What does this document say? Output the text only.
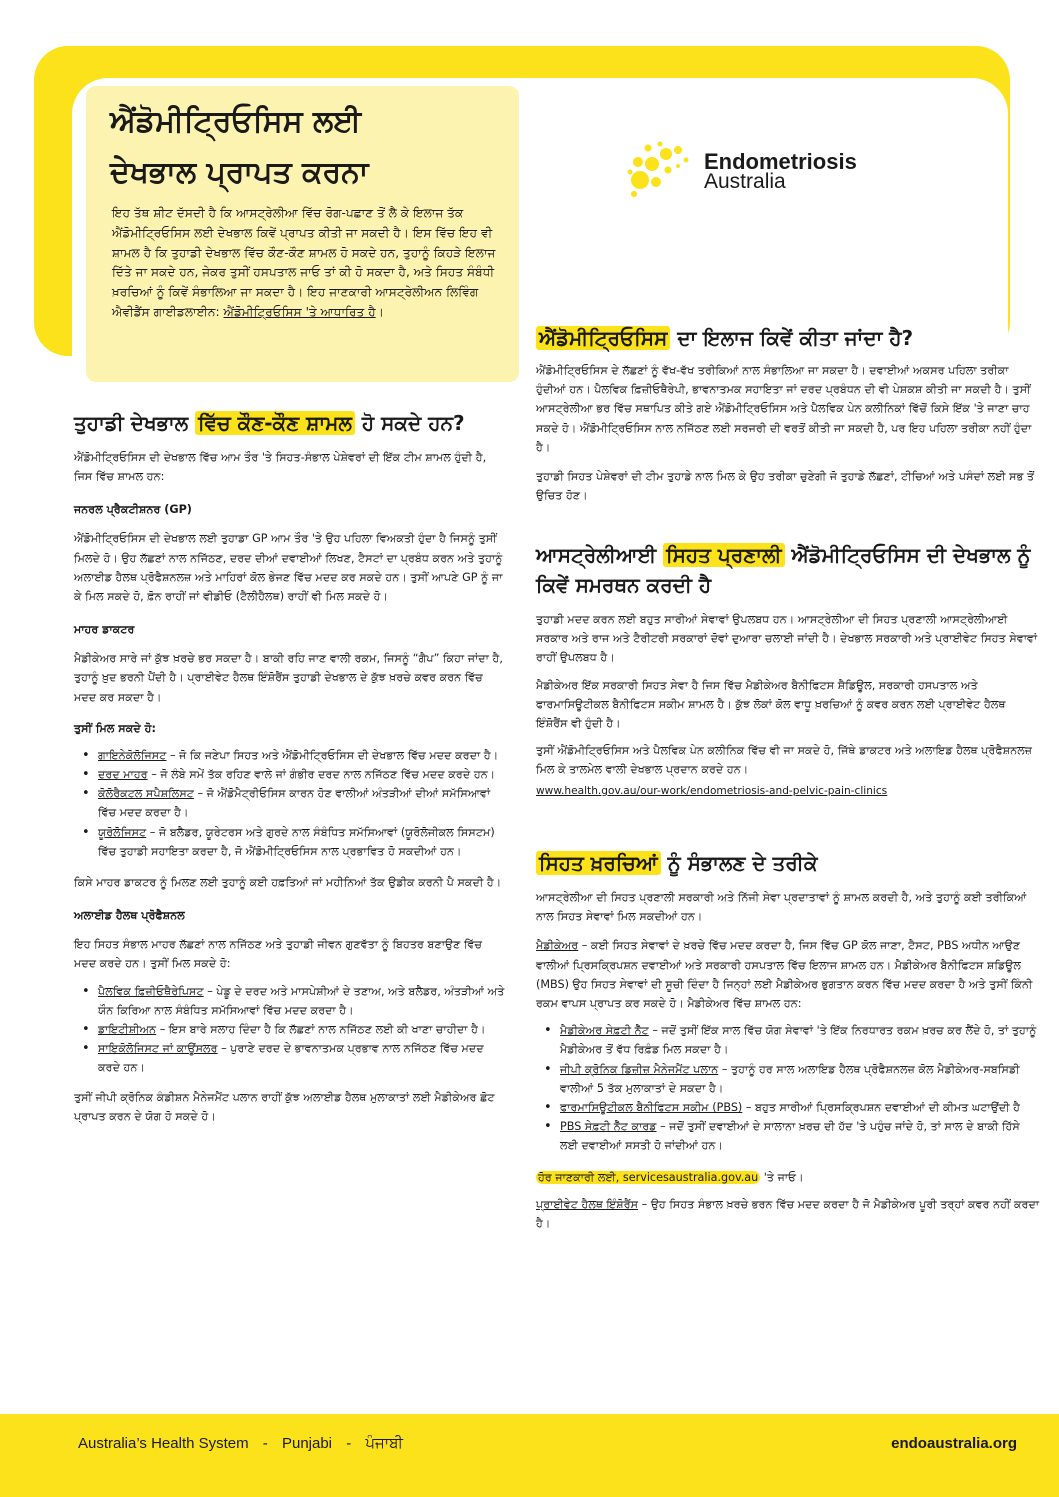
ਐਂਡੋਮੀਟ੍ਰਿਓਸਿਸ ਲਈ
ਦੇਖਭਾਲ ਪ੍ਰਾਪਤ ਕਰਨਾ

ਇਹ ਤੱਥ ਸ਼ੀਟ ਦੱਸਦੀ ਹੈ ਕਿ ਆਸਟ੍ਰੇਲੀਆ ਵਿੱਚ ਰੋਗ-ਪਛਾਣ ਤੋਂ ਲੈ ਕੇ ਇਲਾਜ ਤੱਕ ਐਂਡੋਮੀਟ੍ਰਿਓਸਿਸ ਲਈ ਦੇਖਭਾਲ ਕਿਵੇਂ ਪ੍ਰਾਪਤ ਕੀਤੀ ਜਾ ਸਕਦੀ ਹੈ। ਇਸ ਵਿੱਚ ਇਹ ਵੀ ਸ਼ਾਮਲ ਹੈ ਕਿ ਤੁਹਾਡੀ ਦੇਖਭਾਲ ਵਿੱਚ ਕੌਣ-ਕੌਣ ਸ਼ਾਮਲ ਹੋ ਸਕਦੇ ਹਨ, ਤੁਹਾਨੂੰ ਕਿਹੜੇ ਇਲਾਜ ਦਿੱਤੇ ਜਾ ਸਕਦੇ ਹਨ, ਜੇਕਰ ਤੁਸੀਂ ਹਸਪਤਾਲ ਜਾਓ ਤਾਂ ਕੀ ਹੋ ਸਕਦਾ ਹੈ, ਅਤੇ ਸਿਹਤ ਸੰਬੰਧੀ ਖ਼ਰਚਿਆਂ ਨੂੰ ਕਿਵੇਂ ਸੰਭਾਲਿਆ ਜਾ ਸਕਦਾ ਹੈ। ਇਹ ਜਾਣਕਾਰੀ ਆਸਟ੍ਰੇਲੀਅਨ ਲਿਵਿੰਗ ਐਵੀਡੈਂਸ ਗਾਈਡਲਾਈਨ: ਐਂਡੋਮੀਟ੍ਰਿਓਸਿਸ 'ਤੇ ਆਧਾਰਿਤ ਹੈ।

Endometriosis
Australia
ਤੁਹਾਡੀ ਦੇਖਭਾਲ ਵਿੱਚ ਕੌਣ-ਕੌਣ ਸ਼ਾਮਲ ਹੋ ਸਕਦੇ ਹਨ?

ਐਂਡੋਮੀਟ੍ਰਿਓਸਿਸ ਦੀ ਦੇਖਭਾਲ ਵਿੱਚ ਆਮ ਤੌਰ 'ਤੇ ਸਿਹਤ-ਸੰਭਾਲ ਪੇਸ਼ੇਵਰਾਂ ਦੀ ਇੱਕ ਟੀਮ ਸ਼ਾਮਲ ਹੁੰਦੀ ਹੈ, ਜਿਸ ਵਿੱਚ ਸ਼ਾਮਲ ਹਨ:

ਜਨਰਲ ਪ੍ਰੈਕਟੀਸ਼ਨਰ (GP)

ਐਂਡੋਮੀਟ੍ਰਿਓਸਿਸ ਦੀ ਦੇਖਭਾਲ ਲਈ ਤੁਹਾਡਾ GP ਆਮ ਤੌਰ 'ਤੇ ਉਹ ਪਹਿਲਾ ਵਿਅਕਤੀ ਹੁੰਦਾ ਹੈ ਜਿਸਨੂੰ ਤੁਸੀਂ ਮਿਲਦੇ ਹੋ। ਉਹ ਲੱਛਣਾਂ ਨਾਲ ਨਜਿੱਠਣ, ਦਰਦ ਦੀਆਂ ਦਵਾਈਆਂ ਲਿਖਣ, ਟੈਸਟਾਂ ਦਾ ਪ੍ਰਬੰਧ ਕਰਨ ਅਤੇ ਤੁਹਾਨੂੰ ਅਲਾਈਡ ਹੈਲਥ ਪ੍ਰੋਫੈਸ਼ਨਲਜ਼ ਅਤੇ ਮਾਹਿਰਾਂ ਕੋਲ ਭੇਜਣ ਵਿੱਚ ਮਦਦ ਕਰ ਸਕਦੇ ਹਨ। ਤੁਸੀਂ ਆਪਣੇ GP ਨੂੰ ਜਾ ਕੇ ਮਿਲ ਸਕਦੇ ਹੋ, ਫ਼ੋਨ ਰਾਹੀਂ ਜਾਂ ਵੀਡੀਓ (ਟੈਲੀਹੈਲਥ) ਰਾਹੀਂ ਵੀ ਮਿਲ ਸਕਦੇ ਹੋ।

ਮਾਹਰ ਡਾਕਟਰ

ਮੈਡੀਕੇਅਰ ਸਾਰੇ ਜਾਂ ਕੁੱਝ ਖ਼ਰਚੇ ਭਰ ਸਕਦਾ ਹੈ। ਬਾਕੀ ਰਹਿ ਜਾਣ ਵਾਲੀ ਰਕਮ, ਜਿਸਨੂੰ “ਗੈਪ” ਕਿਹਾ ਜਾਂਦਾ ਹੈ, ਤੁਹਾਨੂੰ ਖ਼ੁਦ ਭਰਨੀ ਪੈਂਦੀ ਹੈ। ਪ੍ਰਾਈਵੇਟ ਹੈਲਥ ਇੰਸ਼ੋਰੈਂਸ ਤੁਹਾਡੀ ਦੇਖਭਾਲ ਦੇ ਕੁੱਝ ਖ਼ਰਚੇ ਕਵਰ ਕਰਨ ਵਿੱਚ ਮਦਦ ਕਰ ਸਕਦਾ ਹੈ।

ਤੁਸੀਂ ਮਿਲ ਸਕਦੇ ਹੋ:

• ਗਾਇਨੇਕੋਲੋਜਿਸਟ – ਜੋ ਕਿ ਜਣੇਪਾ ਸਿਹਤ ਅਤੇ ਐਂਡੋਮੀਟ੍ਰਿਓਸਿਸ ਦੀ ਦੇਖਭਾਲ ਵਿੱਚ ਮਦਦ ਕਰਦਾ ਹੈ।
• ਦਰਦ ਮਾਹਰ – ਜੋ ਲੰਬੇ ਸਮੇਂ ਤੱਕ ਰਹਿਣ ਵਾਲੇ ਜਾਂ ਗੰਭੀਰ ਦਰਦ ਨਾਲ ਨਜਿੱਠਣ ਵਿੱਚ ਮਦਦ ਕਰਦੇ ਹਨ।
• ਕੋਲੋਰੈਕਟਲ ਸਪੈਸ਼ਲਿਸਟ – ਜੋ ਐਂਡੋਮੈਟ੍ਰੀਓਸਿਸ ਕਾਰਨ ਹੋਣ ਵਾਲੀਆਂ ਅੰਤੜੀਆਂ ਦੀਆਂ ਸਮੱਸਿਆਵਾਂ ਵਿੱਚ ਮਦਦ ਕਰਦਾ ਹੈ।
• ਯੂਰੋਲੋਜਿਸਟ – ਜੋ ਬਲੈਡਰ, ਯੂਰੇਟਰਸ ਅਤੇ ਗੁਰਦੇ ਨਾਲ ਸੰਬੰਧਿਤ ਸਮੱਸਿਆਵਾਂ (ਯੂਰੋਲੋਜੀਕਲ ਸਿਸਟਮ) ਵਿੱਚ ਤੁਹਾਡੀ ਸਹਾਇਤਾ ਕਰਦਾ ਹੈ, ਜੋ ਐਂਡੋਮੀਟ੍ਰਿਓਸਿਸ ਨਾਲ ਪ੍ਰਭਾਵਿਤ ਹੋ ਸਕਦੀਆਂ ਹਨ।

ਕਿਸੇ ਮਾਹਰ ਡਾਕਟਰ ਨੂੰ ਮਿਲਣ ਲਈ ਤੁਹਾਨੂੰ ਕਈ ਹਫ਼ਤਿਆਂ ਜਾਂ ਮਹੀਨਿਆਂ ਤੱਕ ਉਡੀਕ ਕਰਨੀ ਪੈ ਸਕਦੀ ਹੈ।

ਅਲਾਈਡ ਹੈਲਥ ਪ੍ਰੋਫੈਸ਼ਨਲ

ਇਹ ਸਿਹਤ ਸੰਭਾਲ ਮਾਹਰ ਲੱਛਣਾਂ ਨਾਲ ਨਜਿੱਠਣ ਅਤੇ ਤੁਹਾਡੀ ਜੀਵਨ ਗੁਣਵੱਤਾ ਨੂੰ ਬਿਹਤਰ ਬਣਾਉਣ ਵਿੱਚ ਮਦਦ ਕਰਦੇ ਹਨ। ਤੁਸੀਂ ਮਿਲ ਸਕਦੇ ਹੋ:

• ਪੈਲਵਿਕ ਫ਼ਿਜ਼ੀਓਥੈਰੇਪਿਸਟ – ਪੇਡੂ ਦੇ ਦਰਦ ਅਤੇ ਮਾਸਪੇਸ਼ੀਆਂ ਦੇ ਤਣਾਅ, ਅਤੇ ਬਲੈਡਰ, ਅੰਤੜੀਆਂ ਅਤੇ ਯੌਨ ਕਿਰਿਆ ਨਾਲ ਸੰਬੰਧਿਤ ਸਮੱਸਿਆਵਾਂ ਵਿੱਚ ਮਦਦ ਕਰਦਾ ਹੈ।
• ਡਾਇਟੀਸ਼ੀਅਨ – ਇਸ ਬਾਰੇ ਸਲਾਹ ਦਿੰਦਾ ਹੈ ਕਿ ਲੱਛਣਾਂ ਨਾਲ ਨਜਿੱਠਣ ਲਈ ਕੀ ਖਾਣਾ ਚਾਹੀਦਾ ਹੈ।
• ਸਾਇਕੋਲੋਜਿਸਟ ਜਾਂ ਕਾਊਂਸਲਰ – ਪੁਰਾਣੇ ਦਰਦ ਦੇ ਭਾਵਨਾਤਮਕ ਪ੍ਰਭਾਵ ਨਾਲ ਨਜਿੱਠਣ ਵਿੱਚ ਮਦਦ ਕਰਦੇ ਹਨ।

ਤੁਸੀਂ ਜੀਪੀ ਕ੍ਰੋਨਿਕ ਕੰਡੀਸ਼ਨ ਮੈਨੇਜਮੈਂਟ ਪਲਾਨ ਰਾਹੀਂ ਕੁੱਝ ਅਲਾਈਡ ਹੈਲਥ ਮੁਲਾਕਾਤਾਂ ਲਈ ਮੈਡੀਕੇਅਰ ਛੋਟ ਪ੍ਰਾਪਤ ਕਰਨ ਦੇ ਯੋਗ ਹੋ ਸਕਦੇ ਹੋ।

ਐਂਡੋਮੀਟ੍ਰਿਓਸਿਸ ਦਾ ਇਲਾਜ ਕਿਵੇਂ ਕੀਤਾ ਜਾਂਦਾ ਹੈ?

ਐਂਡੋਮੀਟ੍ਰਿਓਸਿਸ ਦੇ ਲੱਛਣਾਂ ਨੂੰ ਵੱਖ-ਵੱਖ ਤਰੀਕਿਆਂ ਨਾਲ ਸੰਭਾਲਿਆ ਜਾ ਸਕਦਾ ਹੈ। ਦਵਾਈਆਂ ਅਕਸਰ ਪਹਿਲਾ ਤਰੀਕਾ ਹੁੰਦੀਆਂ ਹਨ। ਪੈਲਵਿਕ ਫ਼ਿਜ਼ੀਓਥੈਰੇਪੀ, ਭਾਵਨਾਤਮਕ ਸਹਾਇਤਾ ਜਾਂ ਦਰਦ ਪ੍ਰਬੰਧਨ ਦੀ ਵੀ ਪੇਸ਼ਕਸ਼ ਕੀਤੀ ਜਾ ਸਕਦੀ ਹੈ। ਤੁਸੀਂ ਆਸਟ੍ਰੇਲੀਆ ਭਰ ਵਿੱਚ ਸਥਾਪਿਤ ਕੀਤੇ ਗਏ ਐਂਡੋਮੀਟ੍ਰਿਓਸਿਸ ਅਤੇ ਪੈਲਵਿਕ ਪੇਨ ਕਲੀਨਿਕਾਂ ਵਿੱਚੋਂ ਕਿਸੇ ਇੱਕ 'ਤੇ ਜਾਣਾ ਚਾਹ ਸਕਦੇ ਹੋ। ਐਂਡੋਮੀਟ੍ਰਿਓਸਿਸ ਨਾਲ ਨਜਿੱਠਣ ਲਈ ਸਰਜਰੀ ਦੀ ਵਰਤੋਂ ਕੀਤੀ ਜਾ ਸਕਦੀ ਹੈ, ਪਰ ਇਹ ਪਹਿਲਾ ਤਰੀਕਾ ਨਹੀਂ ਹੁੰਦਾ ਹੈ।

ਤੁਹਾਡੀ ਸਿਹਤ ਪੇਸ਼ੇਵਰਾਂ ਦੀ ਟੀਮ ਤੁਹਾਡੇ ਨਾਲ ਮਿਲ ਕੇ ਉਹ ਤਰੀਕਾ ਚੁਣੇਗੀ ਜੋ ਤੁਹਾਡੇ ਲੱਛਣਾਂ, ਟੀਚਿਆਂ ਅਤੇ ਪਸੰਦਾਂ ਲਈ ਸਭ ਤੋਂ ਉਚਿਤ ਹੋਣ।

ਆਸਟ੍ਰੇਲੀਆਈ ਸਿਹਤ ਪ੍ਰਣਾਲੀ ਐਂਡੋਮੀਟ੍ਰਿਓਸਿਸ ਦੀ ਦੇਖਭਾਲ ਨੂੰ ਕਿਵੇਂ ਸਮਰਥਨ ਕਰਦੀ ਹੈ

ਤੁਹਾਡੀ ਮਦਦ ਕਰਨ ਲਈ ਬਹੁਤ ਸਾਰੀਆਂ ਸੇਵਾਵਾਂ ਉਪਲਬਧ ਹਨ। ਆਸਟ੍ਰੇਲੀਆ ਦੀ ਸਿਹਤ ਪ੍ਰਣਾਲੀ ਆਸਟ੍ਰੇਲੀਆਈ ਸਰਕਾਰ ਅਤੇ ਰਾਜ ਅਤੇ ਟੈਰੀਟਰੀ ਸਰਕਾਰਾਂ ਦੋਵਾਂ ਦੁਆਰਾ ਚਲਾਈ ਜਾਂਦੀ ਹੈ। ਦੇਖਭਾਲ ਸਰਕਾਰੀ ਅਤੇ ਪ੍ਰਾਈਵੇਟ ਸਿਹਤ ਸੇਵਾਵਾਂ ਰਾਹੀਂ ਉਪਲਬਧ ਹੈ।

ਮੈਡੀਕੇਅਰ ਇੱਕ ਸਰਕਾਰੀ ਸਿਹਤ ਸੇਵਾ ਹੈ ਜਿਸ ਵਿੱਚ ਮੈਡੀਕੇਅਰ ਬੈਨੀਫਿਟਸ ਸ਼ੈਡਿਊਲ, ਸਰਕਾਰੀ ਹਸਪਤਾਲ ਅਤੇ ਫਾਰਮਾਸਿਊਟੀਕਲ ਬੈਨੀਫਿਟਸ ਸਕੀਮ ਸ਼ਾਮਲ ਹੈ। ਕੁੱਝ ਲੋਕਾਂ ਕੋਲ ਵਾਧੂ ਖ਼ਰਚਿਆਂ ਨੂੰ ਕਵਰ ਕਰਨ ਲਈ ਪ੍ਰਾਈਵੇਟ ਹੈਲਥ ਇੰਸ਼ੋਰੈਂਸ ਵੀ ਹੁੰਦੀ ਹੈ।

ਤੁਸੀਂ ਐਂਡੋਮੀਟ੍ਰਿਓਸਿਸ ਅਤੇ ਪੈਲਵਿਕ ਪੇਨ ਕਲੀਨਿਕ ਵਿੱਚ ਵੀ ਜਾ ਸਕਦੇ ਹੋ, ਜਿੱਥੇ ਡਾਕਟਰ ਅਤੇ ਅਲਾਇਡ ਹੈਲਥ ਪ੍ਰੋਫੈਸ਼ਨਲਜ਼ ਮਿਲ ਕੇ ਤਾਲਮੇਲ ਵਾਲੀ ਦੇਖਭਾਲ ਪ੍ਰਦਾਨ ਕਰਦੇ ਹਨ।

www.health.gov.au/our-work/endometriosis-and-pelvic-pain-clinics

ਸਿਹਤ ਖ਼ਰਚਿਆਂ ਨੂੰ ਸੰਭਾਲਣ ਦੇ ਤਰੀਕੇ

ਆਸਟ੍ਰੇਲੀਆ ਦੀ ਸਿਹਤ ਪ੍ਰਣਾਲੀ ਸਰਕਾਰੀ ਅਤੇ ਨਿੱਜੀ ਸੇਵਾ ਪ੍ਰਦਾਤਾਵਾਂ ਨੂੰ ਸ਼ਾਮਲ ਕਰਦੀ ਹੈ, ਅਤੇ ਤੁਹਾਨੂੰ ਕਈ ਤਰੀਕਿਆਂ ਨਾਲ ਸਿਹਤ ਸੇਵਾਵਾਂ ਮਿਲ ਸਕਦੀਆਂ ਹਨ।

ਮੈਡੀਕੇਅਰ – ਕਈ ਸਿਹਤ ਸੇਵਾਵਾਂ ਦੇ ਖ਼ਰਚੇ ਵਿੱਚ ਮਦਦ ਕਰਦਾ ਹੈ, ਜਿਸ ਵਿੱਚ GP ਕੋਲ ਜਾਣਾ, ਟੈਸਟ, PBS ਅਧੀਨ ਆਉਣ ਵਾਲੀਆਂ ਪ੍ਰਿਸਕ੍ਰਿਪਸ਼ਨ ਦਵਾਈਆਂ ਅਤੇ ਸਰਕਾਰੀ ਹਸਪਤਾਲ ਵਿੱਚ ਇਲਾਜ ਸ਼ਾਮਲ ਹਨ। ਮੈਡੀਕੇਅਰ ਬੈਨੀਫਿਟਸ ਸ਼ਡਿਊਲ (MBS) ਉਹ ਸਿਹਤ ਸੇਵਾਵਾਂ ਦੀ ਸੂਚੀ ਦਿੰਦਾ ਹੈ ਜਿਨ੍ਹਾਂ ਲਈ ਮੈਡੀਕੇਅਰ ਭੁਗਤਾਨ ਕਰਨ ਵਿੱਚ ਮਦਦ ਕਰਦਾ ਹੈ ਅਤੇ ਤੁਸੀਂ ਕਿੰਨੀ ਰਕਮ ਵਾਪਸ ਪ੍ਰਾਪਤ ਕਰ ਸਕਦੇ ਹੋ। ਮੈਡੀਕੇਅਰ ਵਿੱਚ ਸ਼ਾਮਲ ਹਨ:

• ਮੈਡੀਕੇਅਰ ਸੇਫ਼ਟੀ ਨੈੱਟ – ਜਦੋਂ ਤੁਸੀਂ ਇੱਕ ਸਾਲ ਵਿੱਚ ਯੋਗ ਸੇਵਾਵਾਂ 'ਤੇ ਇੱਕ ਨਿਰਧਾਰਤ ਰਕਮ ਖ਼ਰਚ ਕਰ ਲੈਂਦੇ ਹੋ, ਤਾਂ ਤੁਹਾਨੂੰ ਮੈਡੀਕੇਅਰ ਤੋਂ ਵੱਧ ਰਿਫ਼ੰਡ ਮਿਲ ਸਕਦਾ ਹੈ।
• ਜੀਪੀ ਕ੍ਰੋਨਿਕ ਡਿਜ਼ੀਜ਼ ਮੈਨੇਜਮੈਂਟ ਪਲਾਨ – ਤੁਹਾਨੂੰ ਹਰ ਸਾਲ ਅਲਾਇਡ ਹੈਲਥ ਪ੍ਰੋਫੈਸ਼ਨਲਜ਼ ਕੋਲ ਮੈਡੀਕੇਅਰ-ਸਬਸਿਡੀ ਵਾਲੀਆਂ 5 ਤੱਕ ਮੁਲਾਕਾਤਾਂ ਦੇ ਸਕਦਾ ਹੈ।
• ਫਾਰਮਾਸਿਊਟੀਕਲ ਬੈਨੀਫਿਟਸ ਸਕੀਮ (PBS) – ਬਹੁਤ ਸਾਰੀਆਂ ਪ੍ਰਿਸਕ੍ਰਿਪਸ਼ਨ ਦਵਾਈਆਂ ਦੀ ਕੀਮਤ ਘਟਾਉਂਦੀ ਹੈ
• PBS ਸੇਫ਼ਟੀ ਨੈੱਟ ਕਾਰਡ – ਜਦੋਂ ਤੁਸੀਂ ਦਵਾਈਆਂ ਦੇ ਸਾਲਾਨਾ ਖ਼ਰਚ ਦੀ ਹੱਦ 'ਤੇ ਪਹੁੰਚ ਜਾਂਦੇ ਹੋ, ਤਾਂ ਸਾਲ ਦੇ ਬਾਕੀ ਹਿੱਸੇ ਲਈ ਦਵਾਈਆਂ ਸਸਤੀ ਹੋ ਜਾਂਦੀਆਂ ਹਨ।

ਹੋਰ ਜਾਣਕਾਰੀ ਲਈ, servicesaustralia.gov.au 'ਤੇ ਜਾਓ।

ਪ੍ਰਾਈਵੇਟ ਹੈਲਥ ਇੰਸ਼ੋਰੈਂਸ – ਉਹ ਸਿਹਤ ਸੰਭਾਲ ਖ਼ਰਚੇ ਭਰਨ ਵਿੱਚ ਮਦਦ ਕਰਦਾ ਹੈ ਜੋ ਮੈਡੀਕੇਅਰ ਪੂਰੀ ਤਰ੍ਹਾਂ ਕਵਰ ਨਹੀਂ ਕਰਦਾ ਹੈ।

Australia’s Health System - Punjabi - ਪੰਜਾਬੀ	endoaustralia.org
